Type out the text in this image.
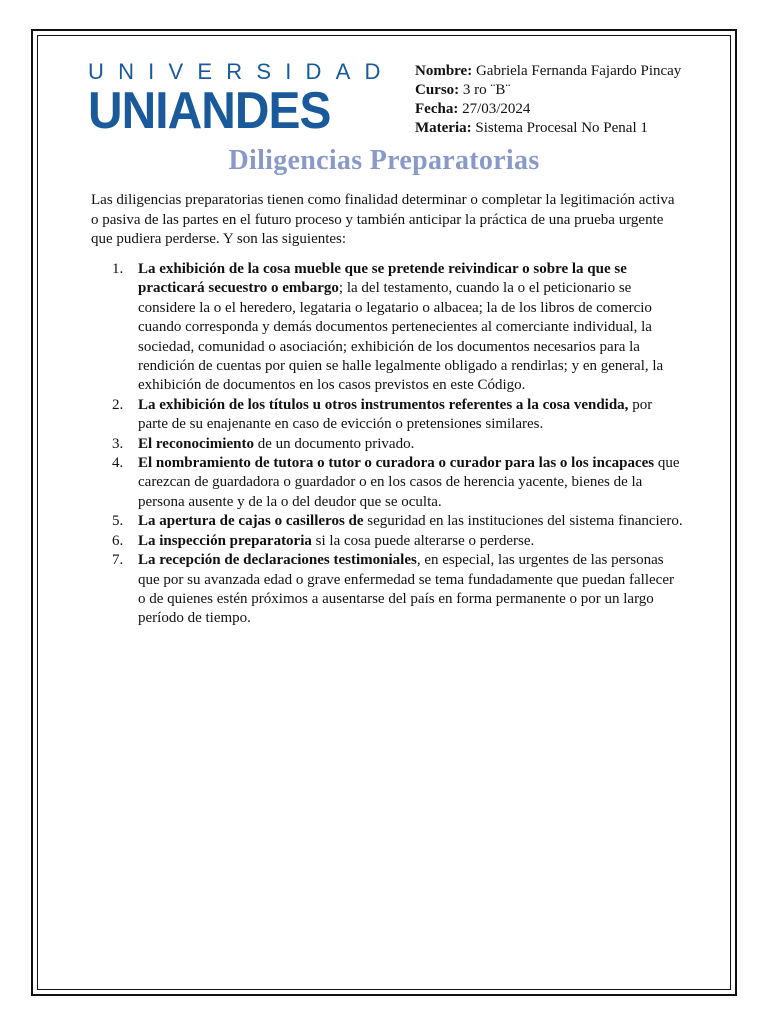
UNIVERSIDAD
UNIANDES
Nombre: Gabriela Fernanda Fajardo Pincay
Curso: 3 ro ¨B¨
Fecha: 27/03/2024
Materia: Sistema Procesal No Penal 1
Diligencias Preparatorias
Las diligencias preparatorias tienen como finalidad determinar o completar la legitimación activa o pasiva de las partes en el futuro proceso y también anticipar la práctica de una prueba urgente que pudiera perderse. Y son las siguientes:
1. La exhibición de la cosa mueble que se pretende reivindicar o sobre la que se practicará secuestro o embargo; la del testamento, cuando la o el peticionario se considere la o el heredero, legataria o legatario o albacea; la de los libros de comercio cuando corresponda y demás documentos pertenecientes al comerciante individual, la sociedad, comunidad o asociación; exhibición de los documentos necesarios para la rendición de cuentas por quien se halle legalmente obligado a rendirlas; y en general, la exhibición de documentos en los casos previstos en este Código.
2. La exhibición de los títulos u otros instrumentos referentes a la cosa vendida, por parte de su enajenante en caso de evicción o pretensiones similares.
3. El reconocimiento de un documento privado.
4. El nombramiento de tutora o tutor o curadora o curador para las o los incapaces que carezcan de guardadora o guardador o en los casos de herencia yacente, bienes de la persona ausente y de la o del deudor que se oculta.
5. La apertura de cajas o casilleros de seguridad en las instituciones del sistema financiero.
6. La inspección preparatoria si la cosa puede alterarse o perderse.
7. La recepción de declaraciones testimoniales, en especial, las urgentes de las personas que por su avanzada edad o grave enfermedad se tema fundadamente que puedan fallecer o de quienes estén próximos a ausentarse del país en forma permanente o por un largo período de tiempo.
